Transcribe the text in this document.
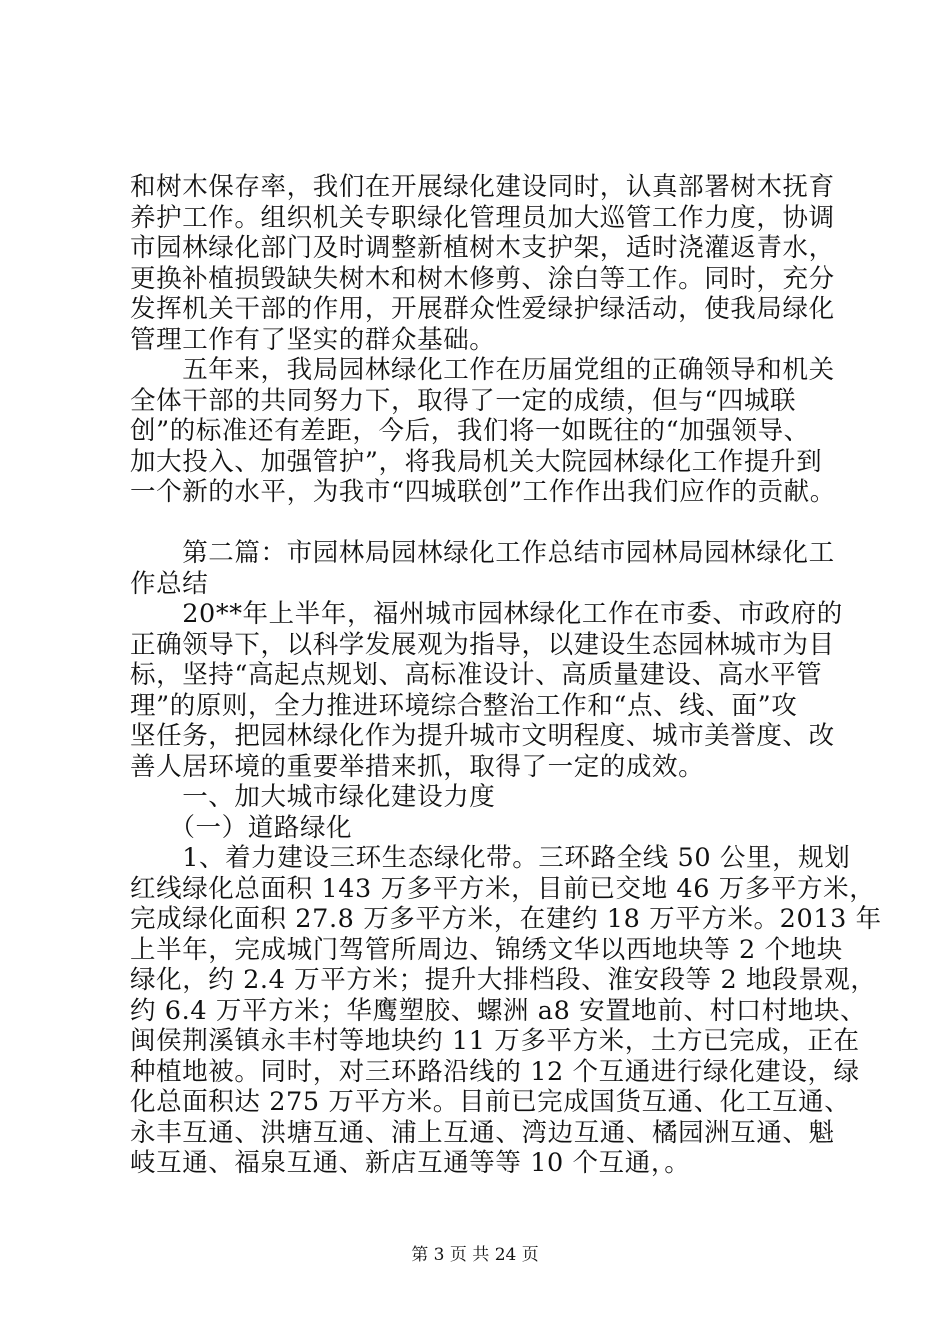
和树木保存率，我们在开展绿化建设同时，认真部署树木抚育
养护工作。组织机关专职绿化管理员加大巡管工作力度，协调
市园林绿化部门及时调整新植树木支护架，适时浇灌返青水，
更换补植损毁缺失树木和树木修剪、涂白等工作。同时，充分
发挥机关干部的作用，开展群众性爱绿护绿活动，使我局绿化
管理工作有了坚实的群众基础。
　　五年来，我局园林绿化工作在历届党组的正确领导和机关
全体干部的共同努力下，取得了一定的成绩，但与“四城联
创”的标准还有差距，今后，我们将一如既往的“加强领导、
加大投入、加强管护”，将我局机关大院园林绿化工作提升到
一个新的水平，为我市“四城联创”工作作出我们应作的贡献。
　　第二篇：市园林局园林绿化工作总结市园林局园林绿化工
作总结
　　20**年上半年，福州城市园林绿化工作在市委、市政府的
正确领导下，以科学发展观为指导，以建设生态园林城市为目
标，坚持“高起点规划、高标准设计、高质量建设、高水平管
理”的原则，全力推进环境综合整治工作和“点、线、面”攻
坚任务，把园林绿化作为提升城市文明程度、城市美誉度、改
善人居环境的重要举措来抓，取得了一定的成效。
　　一、加大城市绿化建设力度
　　（一）道路绿化
　　1、着力建设三环生态绿化带。三环路全线 50 公里，规划
红线绿化总面积 143 万多平方米，目前已交地 46 万多平方米，
完成绿化面积 27.8 万多平方米，在建约 18 万平方米。2013 年
上半年，完成城门驾管所周边、锦绣文华以西地块等 2 个地块
绿化，约 2.4 万平方米；提升大排档段、淮安段等 2 地段景观，
约 6.4 万平方米；华鹰塑胶、螺洲 a8 安置地前、村口村地块、
闽侯荆溪镇永丰村等地块约 11 万多平方米，土方已完成，正在
种植地被。同时，对三环路沿线的 12 个互通进行绿化建设，绿
化总面积达 275 万平方米。目前已完成国货互通、化工互通、
永丰互通、洪塘互通、浦上互通、湾边互通、橘园洲互通、魁
岐互通、福泉互通、新店互通等等 10 个互通，。
第 3 页 共 24 页
